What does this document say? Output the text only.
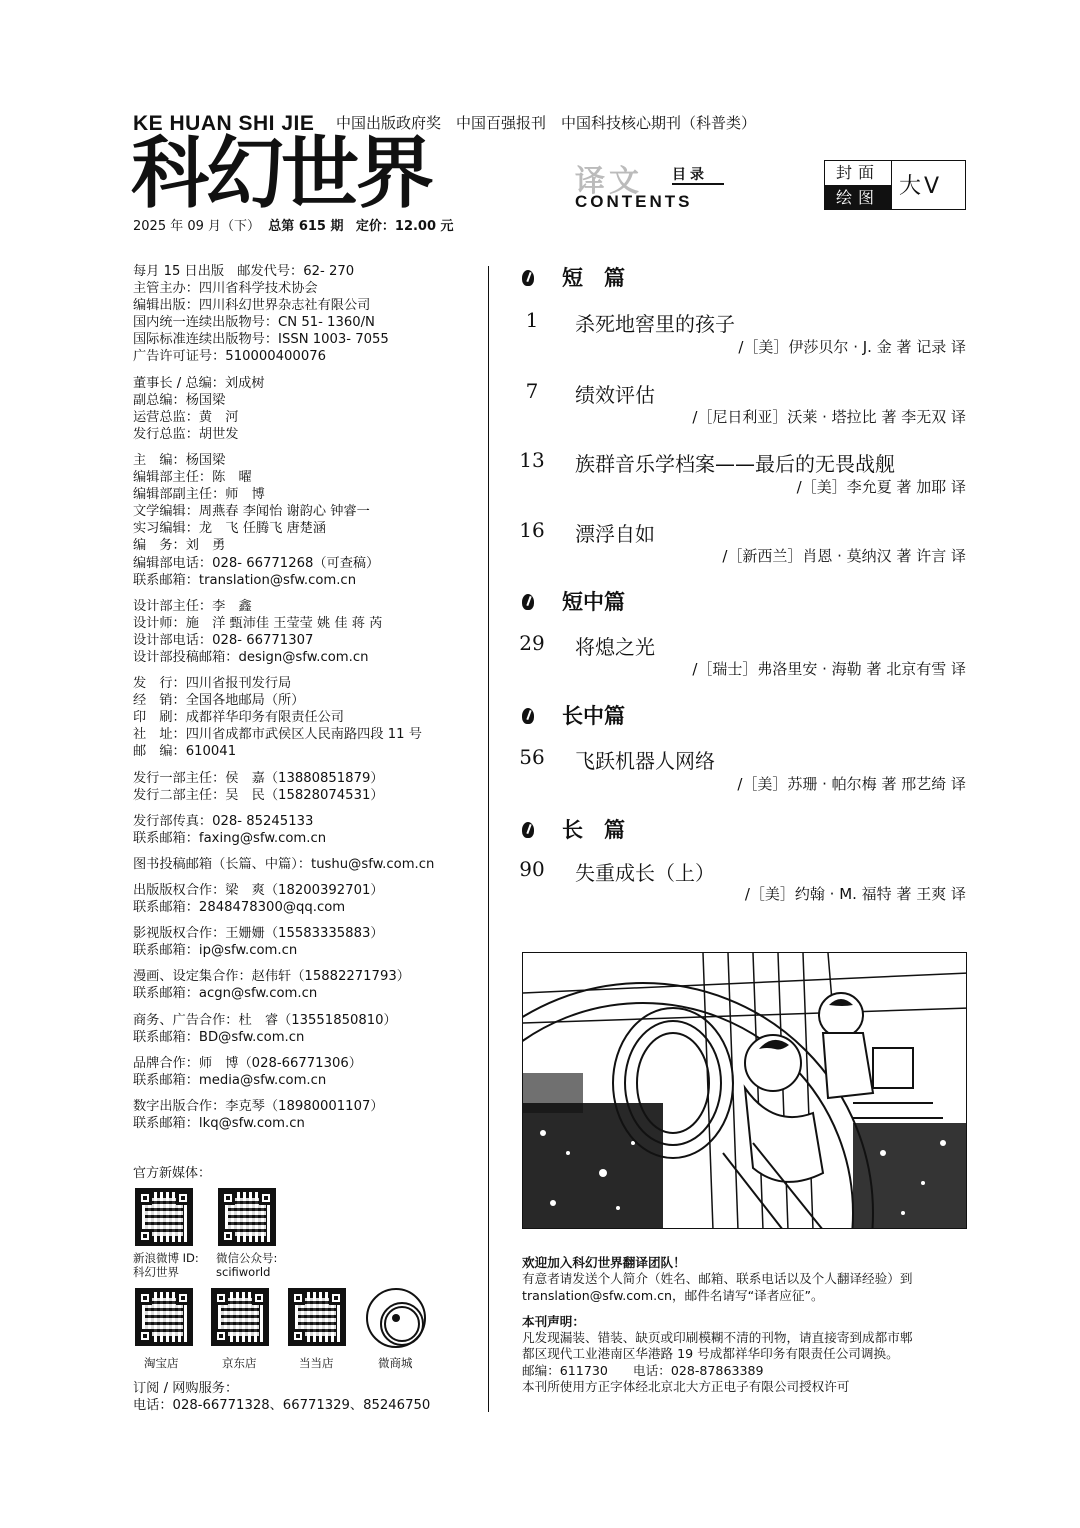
KE HUAN SHI JIE 中国出版政府奖　中国百强报刊　中国科技核心期刊（科普类）
科幻世界
2025 年 09 月（下） 总第 615 期 定价：12.00 元
译文 目录
CONTENTS
封面
绘图 大V
每月 15 日出版　邮发代号：62- 270
主管主办：四川省科学技术协会
编辑出版：四川科幻世界杂志社有限公司
国内统一连续出版物号：CN 51- 1360/N
国际标准连续出版物号：ISSN 1003- 7055
广告许可证号：510000400076
董事长 / 总编：刘成树
副总编：杨国梁
运营总监：黄　河
发行总监：胡世发
主　编：杨国梁
编辑部主任：陈　曜
编辑部副主任：师　博
文学编辑：周燕春 李闻怡 谢韵心 钟睿一
实习编辑：龙　飞 任腾飞 唐楚涵
编　务：刘　勇
编辑部电话：028- 66771268（可查稿）
联系邮箱：translation@sfw.com.cn
设计部主任：李　鑫
设计师：施　洋 甄沛佳 王莹莹 姚 佳 蒋 芮
设计部电话：028- 66771307
设计部投稿邮箱：design@sfw.com.cn
发　行：四川省报刊发行局
经　销：全国各地邮局（所）
印　刷：成都祥华印务有限责任公司
社　址：四川省成都市武侯区人民南路四段 11 号
邮　编：610041
发行一部主任：侯　嘉（13880851879）
发行二部主任：吴　民（15828074531）
发行部传真：028- 85245133
联系邮箱：faxing@sfw.com.cn
图书投稿邮箱（长篇、中篇）：tushu@sfw.com.cn
出版版权合作：梁　爽（18200392701）
联系邮箱：2848478300@qq.com
影视版权合作：王姗姗（15583335883）
联系邮箱：ip@sfw.com.cn
漫画、设定集合作：赵伟轩（15882271793）
联系邮箱：acgn@sfw.com.cn
商务、广告合作：杜　睿（13551850810）
联系邮箱：BD@sfw.com.cn
品牌合作：师　博（028-66771306）
联系邮箱：media@sfw.com.cn
数字出版合作：李克琴（18980001107）
联系邮箱：lkq@sfw.com.cn
官方新媒体：
新浪微博 ID:
科幻世界
微信公众号:
scifiworld
淘宝店	京东店	当当店	微商城
订阅 / 网购服务：
电话：028-66771328、66771329、85246750
短　篇
1	杀死地窖里的孩子
/［美］伊莎贝尔 · J. 金 著 记录 译
7	绩效评估
/［尼日利亚］沃莱 · 塔拉比 著 李无双 译
13	族群音乐学档案——最后的无畏战舰
/［美］李允夏 著 加耶 译
16	漂浮自如
/［新西兰］肖恩 · 莫纳汉 著 许言 译
短中篇
29	将熄之光
/［瑞士］弗洛里安 · 海勒 著 北京有雪 译
长中篇
56	飞跃机器人网络
/［美］苏珊 · 帕尔梅 著 邢艺绮 译
长　篇
90	失重成长（上）
/［美］约翰 · M. 福特 著 王爽 译

欢迎加入科幻世界翻译团队！

有意者请发送个人简介（姓名、邮箱、联系电话以及个人翻译经验）到

translation@sfw.com.cn，邮件名请写“译者应征”。

本刊声明：

凡发现漏装、错装、缺页或印刷模糊不清的刊物，请直接寄到成都市郫

都区现代工业港南区华港路 19 号成都祥华印务有限责任公司调换。

邮编：611730　　电话：028-87863389

本刊所使用方正字体经北京北大方正电子有限公司授权许可
